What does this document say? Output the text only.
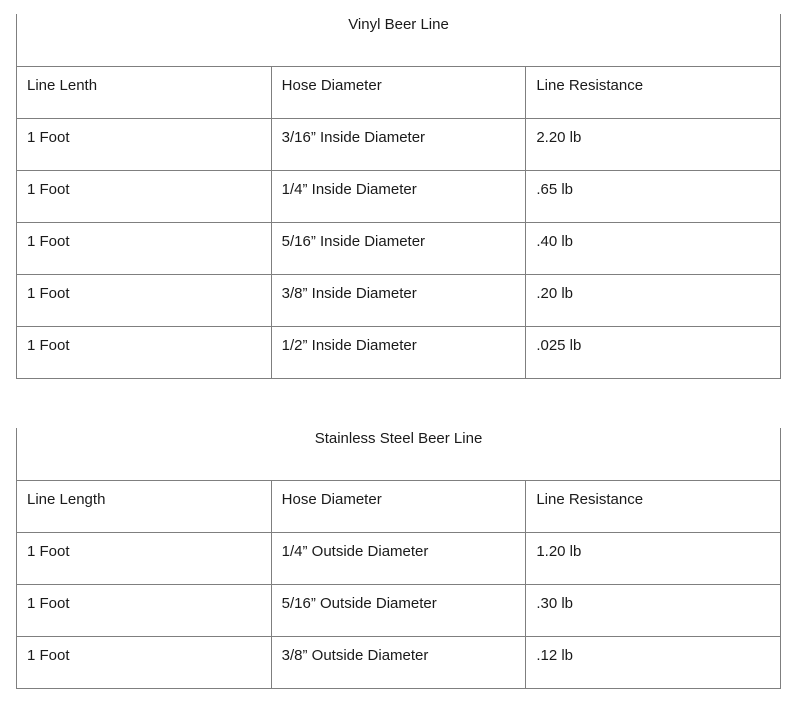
Vinyl Beer Line		
Line Lenth	Hose Diameter	Line Resistance
1 Foot	3/16” Inside Diameter	2.20 lb
1 Foot	1/4” Inside Diameter	.65 lb
1 Foot	5/16” Inside Diameter	.40 lb
1 Foot	3/8” Inside Diameter	.20 lb
1 Foot	1/2” Inside Diameter	.025 lb
Stainless Steel Beer Line		
Line Length	Hose Diameter	Line Resistance
1 Foot	1/4” Outside Diameter	1.20 lb
1 Foot	5/16” Outside Diameter	.30 lb
1 Foot	3/8” Outside Diameter	.12 lb
